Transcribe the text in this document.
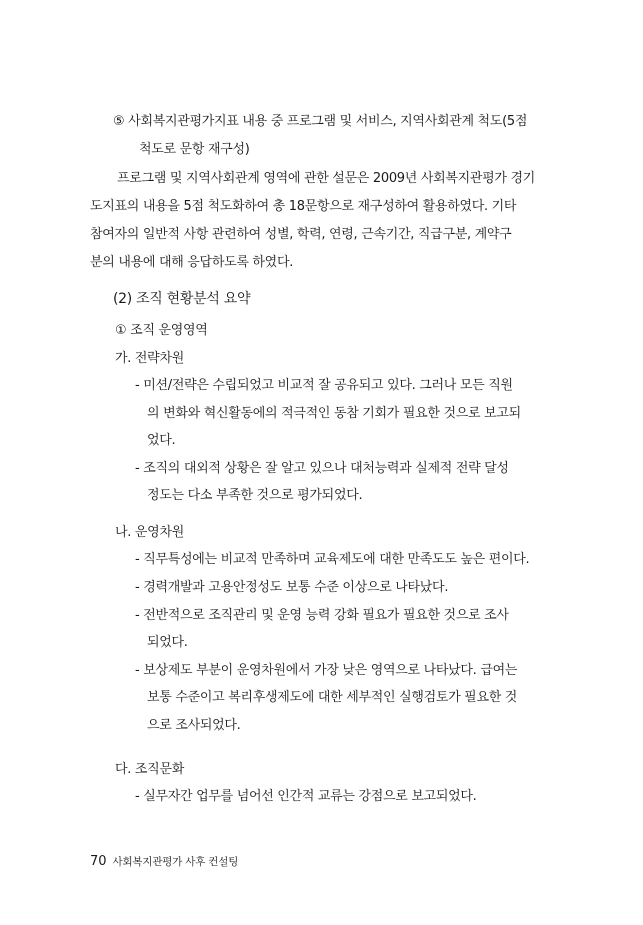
⑤ 사회복지관평가지표 내용 중 프로그램 및 서비스, 지역사회관계 척도(5점
척도로 문항 재구성)
프로그램 및 지역사회관계 영역에 관한 설문은 2009년 사회복지관평가 경기
도지표의 내용을 5점 척도화하여 총 18문항으로 재구성하여 활용하였다. 기타
참여자의 일반적 사항 관련하여 성별, 학력, 연령, 근속기간, 직급구분, 계약구
분의 내용에 대해 응답하도록 하였다.
(2) 조직 현황분석 요약
① 조직 운영영역
가. 전략차원
- 미션/전략은 수립되었고 비교적 잘 공유되고 있다. 그러나 모든 직원
의 변화와 혁신활동에의 적극적인 동참 기회가 필요한 것으로 보고되
었다.
- 조직의 대외적 상황은 잘 알고 있으나 대처능력과 실제적 전략 달성
정도는 다소 부족한 것으로 평가되었다.
나. 운영차원
- 직무특성에는 비교적 만족하며 교육제도에 대한 만족도도 높은 편이다.
- 경력개발과 고용안정성도 보통 수준 이상으로 나타났다.
- 전반적으로 조직관리 및 운영 능력 강화 필요가 필요한 것으로 조사
되었다.
- 보상제도 부분이 운영차원에서 가장 낮은 영역으로 나타났다. 급여는
보통 수준이고 복리후생제도에 대한 세부적인 실행검토가 필요한 것
으로 조사되었다.
다. 조직문화
- 실무자간 업무를 넘어선 인간적 교류는 강점으로 보고되었다.
70 사회복지관평가 사후 컨설팅
